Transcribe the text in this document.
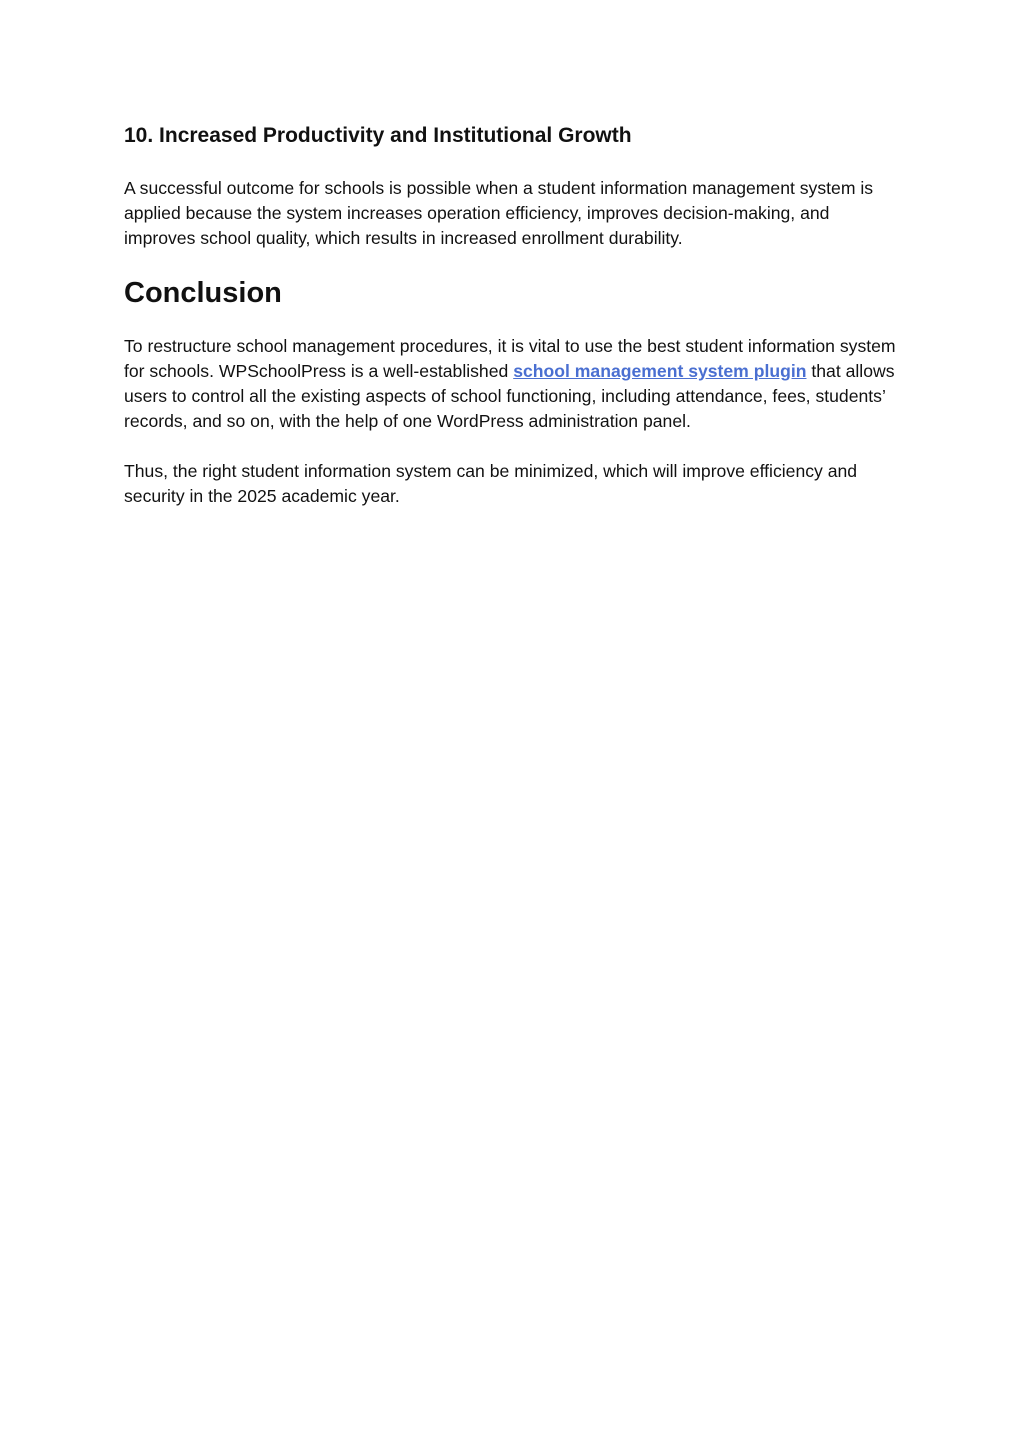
10. Increased Productivity and Institutional Growth

A successful outcome for schools is possible when a student information management system is applied because the system increases operation efficiency, improves decision-making, and improves school quality, which results in increased enrollment durability.

Conclusion

To restructure school management procedures, it is vital to use the best student information system for schools. WPSchoolPress is a well-established school management system plugin that allows users to control all the existing aspects of school functioning, including attendance, fees, students’ records, and so on, with the help of one WordPress administration panel.

Thus, the right student information system can be minimized, which will improve efficiency and security in the 2025 academic year.
